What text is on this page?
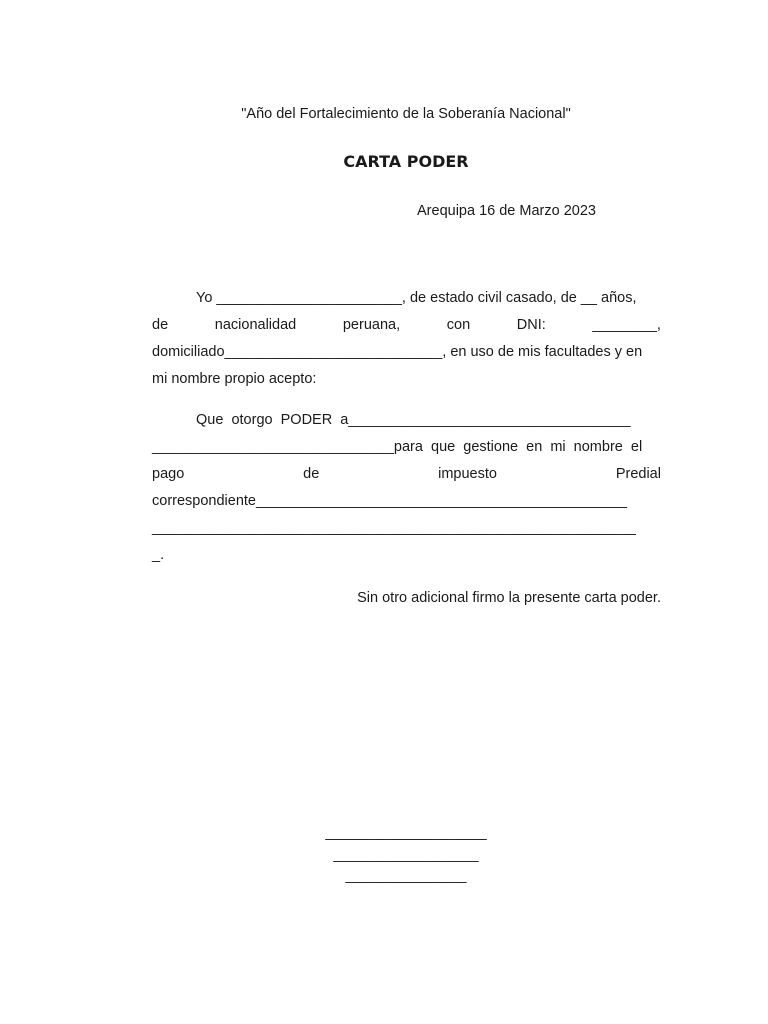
"Año del Fortalecimiento de la Soberanía Nacional"
CARTA PODER
Arequipa 16 de Marzo 2023
Yo _______________________, de estado civil casado, de __ años,
de	nacionalidad	peruana,	con	DNI:	________,
domiciliado___________________________, en uso de mis facultades y en
mi nombre propio acepto:
Que  otorgo  PODER  a___________________________________
______________________________para  que  gestione  en  mi  nombre  el
pago	de	impuesto	Predial
correspondiente______________________________________________
____________________________________________________________
_.
Sin otro adicional firmo la presente carta poder.
____________________
__________________
_______________
